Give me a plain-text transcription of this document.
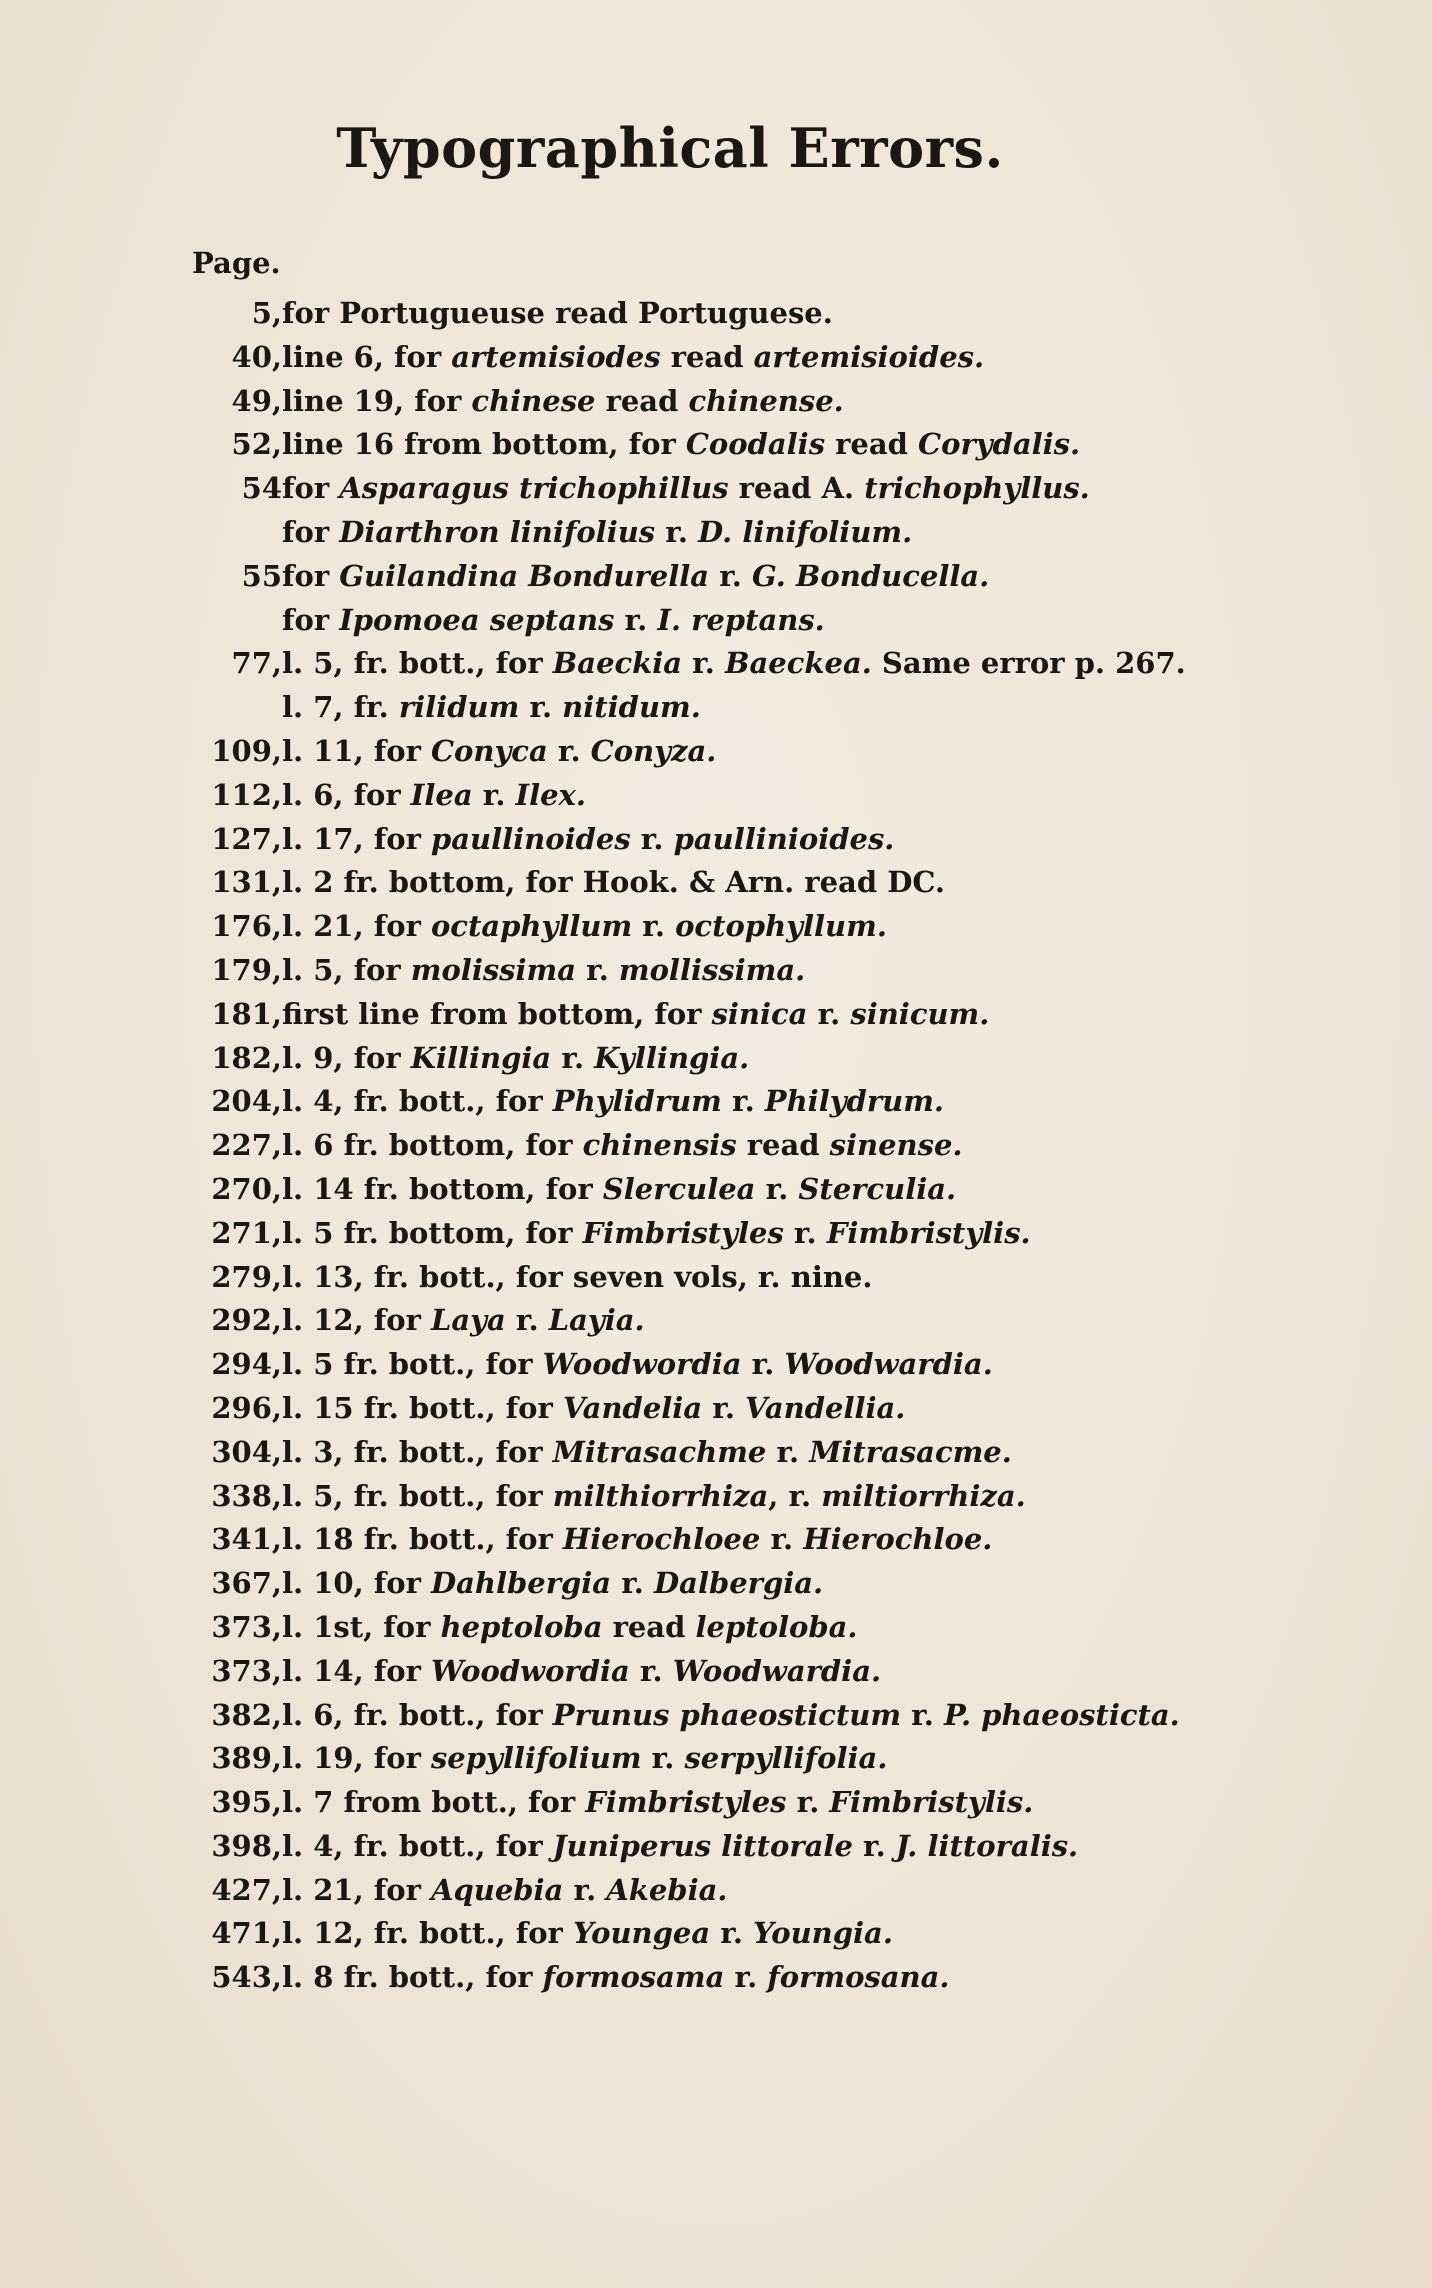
Typographical Errors.
Page.
5, for Portugueuse read Portuguese.
40, line 6, for artemisiodes read artemisioides.
49, line 19, for chinese read chinense.
52, line 16 from bottom, for Coodalis read Corydalis.
54 for Asparagus trichophillus read A. trichophyllus.
for Diarthron linifolius r. D. linifolium.
55 for Guilandina Bondurella r. G. Bonducella.
for Ipomoea septans r. I. reptans.
77, l. 5, fr. bott., for Baeckia r. Baeckea. Same error p. 267.
l. 7, fr. rilidum r. nitidum.
109, l. 11, for Conyca r. Conyza.
112, l. 6, for Ilea r. Ilex.
127, l. 17, for paullinoides r. paullinioides.
131, l. 2 fr. bottom, for Hook. & Arn. read DC.
176, l. 21, for octaphyllum r. octophyllum.
179, l. 5, for molissima r. mollissima.
181, first line from bottom, for sinica r. sinicum.
182, l. 9, for Killingia r. Kyllingia.
204, l. 4, fr. bott., for Phylidrum r. Philydrum.
227, l. 6 fr. bottom, for chinensis read sinense.
270, l. 14 fr. bottom, for Slerculea r. Sterculia.
271, l. 5 fr. bottom, for Fimbristyles r. Fimbristylis.
279, l. 13, fr. bott., for seven vols, r. nine.
292, l. 12, for Laya r. Layia.
294, l. 5 fr. bott., for Woodwordia r. Woodwardia.
296, l. 15 fr. bott., for Vandelia r. Vandellia.
304, l. 3, fr. bott., for Mitrasachme r. Mitrasacme.
338, l. 5, fr. bott., for milthiorrhiza, r. miltiorrhiza.
341, l. 18 fr. bott., for Hierochloee r. Hierochloe.
367, l. 10, for Dahlbergia r. Dalbergia.
373, l. 1st, for heptoloba read leptoloba.
373, l. 14, for Woodwordia r. Woodwardia.
382, l. 6, fr. bott., for Prunus phaeostictum r. P. phaeosticta.
389, l. 19, for sepyllifolium r. serpyllifolia.
395, l. 7 from bott., for Fimbristyles r. Fimbristylis.
398, l. 4, fr. bott., for Juniperus littorale r. J. littoralis.
427, l. 21, for Aquebia r. Akebia.
471, l. 12, fr. bott., for Youngea r. Youngia.
543, l. 8 fr. bott., for formosama r. formosana.
